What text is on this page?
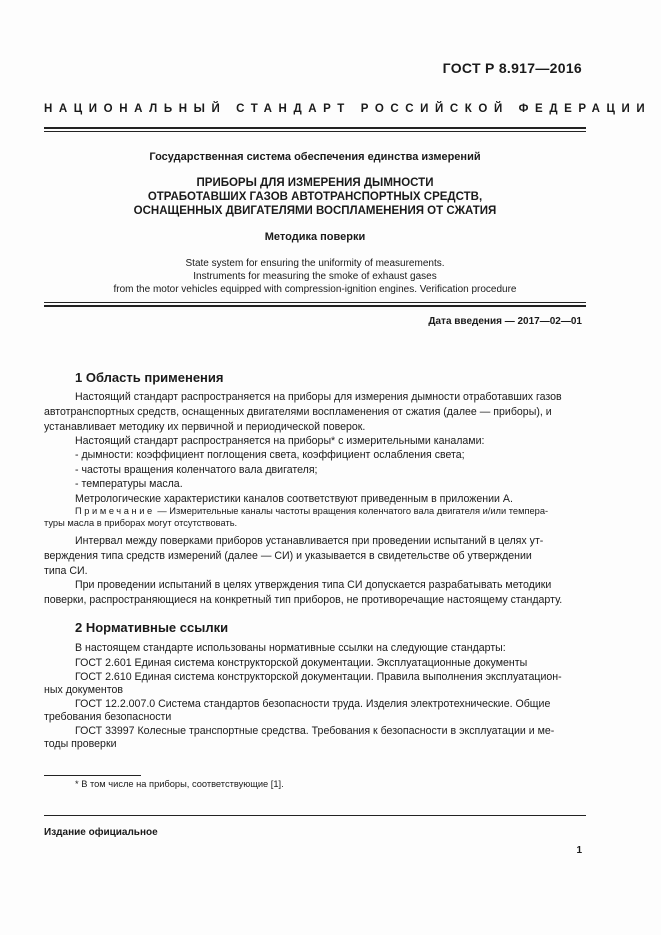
ГОСТ Р 8.917—2016
НАЦИОНАЛЬНЫЙ СТАНДАРТ РОССИЙСКОЙ ФЕДЕРАЦИИ
Государственная система обеспечения единства измерений
ПРИБОРЫ ДЛЯ ИЗМЕРЕНИЯ ДЫМНОСТИ
ОТРАБОТАВШИХ ГАЗОВ АВТОТРАНСПОРТНЫХ СРЕДСТВ,
ОСНАЩЕННЫХ ДВИГАТЕЛЯМИ ВОСПЛАМЕНЕНИЯ ОТ СЖАТИЯ
Методика поверки
State system for ensuring the uniformity of measurements.
Instruments for measuring the smoke of exhaust gases
from the motor vehicles equipped with compression-ignition engines. Verification procedure
Дата введения — 2017—02—01
1 Область применения
Настоящий стандарт распространяется на приборы для измерения дымности отработавших газов
автотранспортных средств, оснащенных двигателями воспламенения от сжатия (далее — приборы), и
устанавливает методику их первичной и периодической поверок.
Настоящий стандарт распространяется на приборы* с измерительными каналами:
- дымности: коэффициент поглощения света, коэффициент ослабления света;
- частоты вращения коленчатого вала двигателя;
- температуры масла.
Метрологические характеристики каналов соответствуют приведенным в приложении А.
Примечание — Измерительные каналы частоты вращения коленчатого вала двигателя и/или темпера-
туры масла в приборах могут отсутствовать.
Интервал между поверками приборов устанавливается при проведении испытаний в целях ут-
верждения типа средств измерений (далее — СИ) и указывается в свидетельстве об утверждении
типа СИ.
При проведении испытаний в целях утверждения типа СИ допускается разрабатывать методики
поверки, распространяющиеся на конкретный тип приборов, не противоречащие настоящему стандарту.
2 Нормативные ссылки
В настоящем стандарте использованы нормативные ссылки на следующие стандарты:
ГОСТ 2.601 Единая система конструкторской документации. Эксплуатационные документы
ГОСТ 2.610 Единая система конструкторской документации. Правила выполнения эксплуатацион-
ных документов
ГОСТ 12.2.007.0 Система стандартов безопасности труда. Изделия электротехнические. Общие
требования безопасности
ГОСТ 33997 Колесные транспортные средства. Требования к безопасности в эксплуатации и ме-
тоды проверки
* В том числе на приборы, соответствующие [1].
Издание официальное
1
